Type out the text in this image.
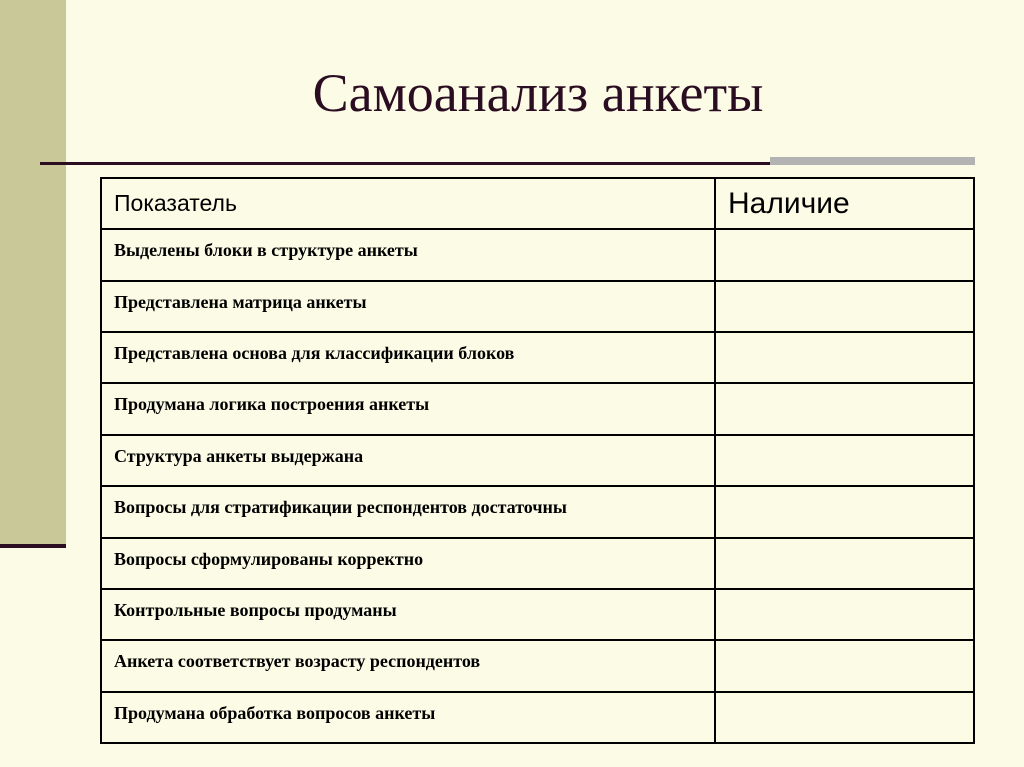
Самоанализ анкеты
Показатель	Наличие
Выделены блоки в структуре анкеты	
Представлена матрица анкеты	
Представлена основа для классификации блоков	
Продумана логика построения анкеты	
Структура анкеты выдержана	
Вопросы для стратификации респондентов достаточны	
Вопросы сформулированы корректно	
Контрольные вопросы продуманы	
Анкета соответствует возрасту респондентов	
Продумана обработка вопросов анкеты	
